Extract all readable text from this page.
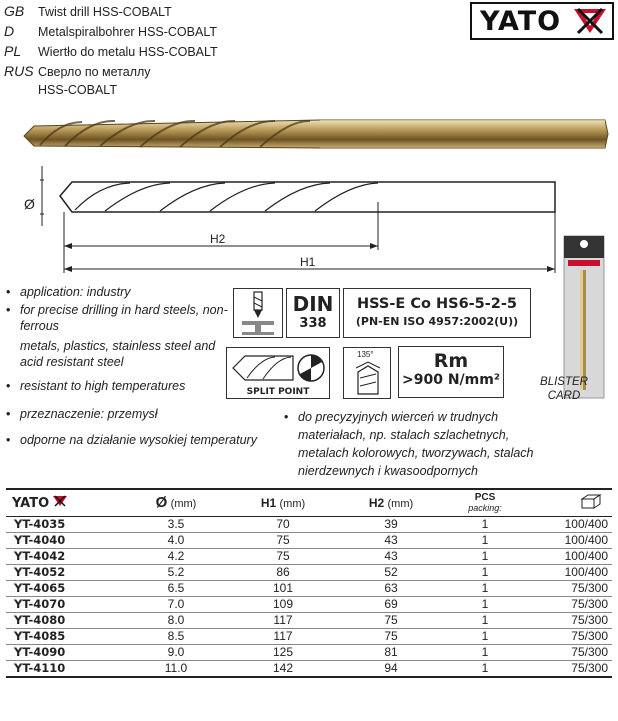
GB Twist drill HSS-COBALT
D Metalspiralbohrer HSS-COBALT
PL Wiertło do metalu HSS-COBALT
RUS Сверло по металлу
HSS-COBALT
YATO
Ø
H2
H1
• application: industry
• for precise drilling in hard steels, non-ferrous
metals, plastics, stainless steel and acid resistant steel
• resistant to high temperatures
• przeznaczenie: przemysł
• odporne na działanie wysokiej temperatury
• do precyzyjnych wierceń w trudnych materiałach, np. stalach szlachetnych, metalach kolorowych, tworzywach, stalach nierdzewnych i kwasoodpornych
DIN
338
HSS-E Co HS6-5-2-5
(PN-EN ISO 4957:2002(U))
SPLIT POINT
135°	Rm
>900 N/mm²	BLISTER CARD
YATO	Ø (mm)	H1 (mm)	H2 (mm)	PCS
packing:

YT-4035	3.5	70	39	1	100/400
YT-4040	4.0	75	43	1	100/400
YT-4042	4.2	75	43	1	100/400
YT-4052	5.2	86	52	1	100/400
YT-4065	6.5	101	63	1	75/300
YT-4070	7.0	109	69	1	75/300
YT-4080	8.0	117	75	1	75/300
YT-4085	8.5	117	75	1	75/300
YT-4090	9.0	125	81	1	75/300
YT-4110	11.0	142	94	1	75/300
